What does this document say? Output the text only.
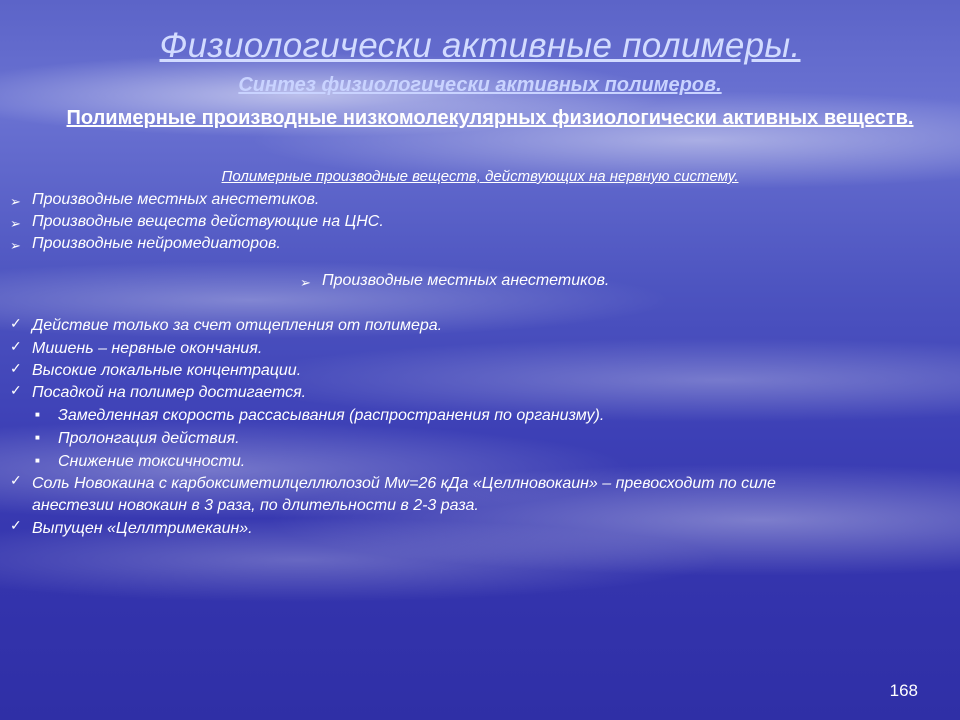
Физиологически активные полимеры.
Синтез физиологически активных полимеров.
Полимерные производные низкомолекулярных физиологически активных веществ.
Полимерные производные веществ, действующих на нервную систему.
➢ Производные местных анестетиков.
➢ Производные веществ действующие на ЦНС.
➢ Производные нейромедиаторов.
➢ Производные местных анестетиков.
✓ Действие только за счет отщепления от полимера.
✓ Мишень – нервные окончания.
✓ Высокие локальные концентрации.
✓ Посадкой на полимер достигается.
■ Замедленная скорость рассасывания (распространения по организму).
■ Пролонгация действия.
■ Снижение токсичности.
✓ Соль Новокаина с карбоксиметилцеллюлозой Mw=26 кДа «Целлновокаин» – превосходит по силе
анестезии новокаин в 3 раза, по длительности в 2-3 раза.
✓ Выпущен «Целлтримекаин».
168
